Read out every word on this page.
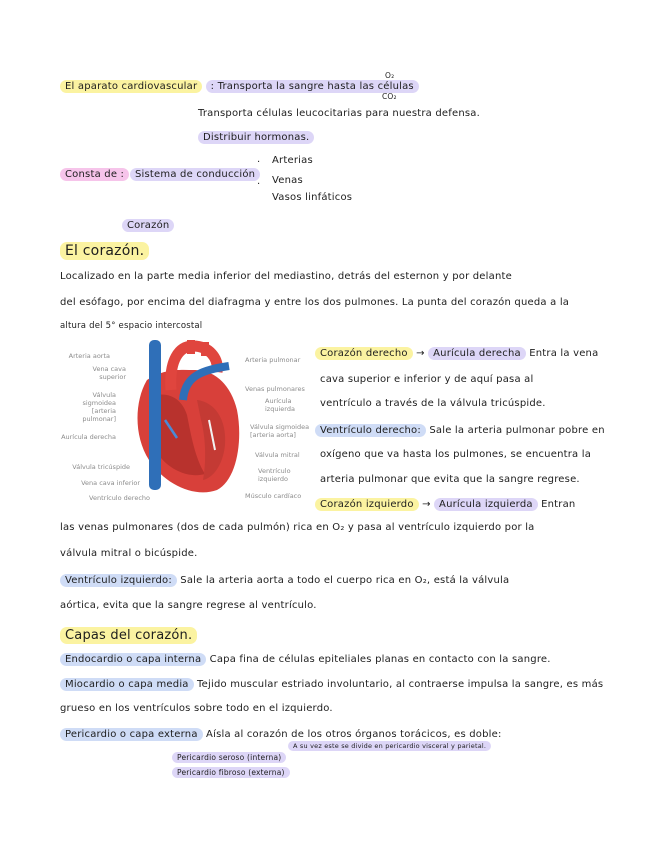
El aparato cardiovascular : Transporta la sangre hasta las células
O₂
CO₂
Transporta células leucocitarias para nuestra defensa.
Distribuir hormonas.
Consta de :	Sistema de conducción
·
·
Arterias
Venas
Vasos linfáticos
Corazón
El corazón.
Localizado en la parte media inferior del mediastino, detrás del esternon y por delante
del esófago, por encima del diafragma y entre los dos pulmones. La punta del corazón queda a la
altura del 5° espacio intercostal
Arteria aorta
Vena cava superior
Válvula sigmoidea [arteria pulmonar]
Aurícula derecha
Válvula tricúspide
Vena cava inferior
Ventrículo derecho
Arteria pulmonar
Venas pulmonares
Aurícula izquierda
Válvula sigmoidea [arteria aorta]
Válvula mitral
Ventrículo izquierdo
Músculo cardíaco
Corazón derecho → Aurícula derecha Entra la vena
cava superior e inferior y de aquí pasa al
ventrículo a través de la válvula tricúspide.
Ventrículo derecho: Sale la arteria pulmonar pobre en
oxígeno que va hasta los pulmones, se encuentra la
arteria pulmonar que evita que la sangre regrese.
Corazón izquierdo → Aurícula izquierda Entran
las venas pulmonares (dos de cada pulmón) rica en O₂ y pasa al ventrículo izquierdo por la
válvula mitral o bicúspide.
Ventrículo izquierdo: Sale la arteria aorta a todo el cuerpo rica en O₂, está la válvula
aórtica, evita que la sangre regrese al ventrículo.
Capas del corazón.
Endocardio o capa interna Capa fina de células epiteliales planas en contacto con la sangre.
Miocardio o capa media Tejido muscular estriado involuntario, al contraerse impulsa la sangre, es más
grueso en los ventrículos sobre todo en el izquierdo.
Pericardio o capa externa Aísla al corazón de los otros órganos torácicos, es doble:
Pericardio seroso (interna)
Pericardio fibroso (externa)
A su vez este se divide en pericardio visceral y parietal.
